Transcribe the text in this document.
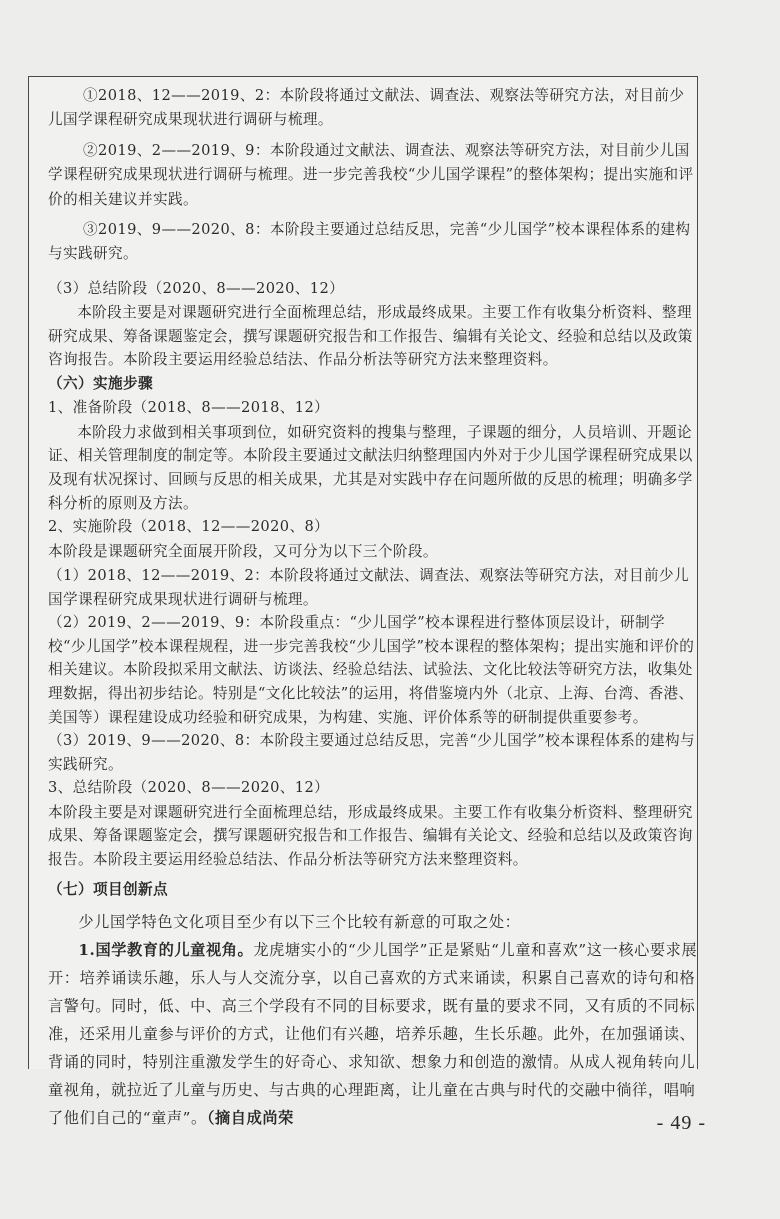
①2018、12——2019、2：本阶段将通过文献法、调查法、观察法等研究方法，对目前少儿国学课程研究成果现状进行调研与梳理。

②2019、2——2019、9：本阶段通过文献法、调查法、观察法等研究方法，对目前少儿国学课程研究成果现状进行调研与梳理。进一步完善我校“少儿国学课程”的整体架构；提出实施和评价的相关建议并实践。

③2019、9——2020、8：本阶段主要通过总结反思，完善“少儿国学”校本课程体系的建构与实践研究。

（3）总结阶段（2020、8——2020、12）

本阶段主要是对课题研究进行全面梳理总结，形成最终成果。主要工作有收集分析资料、整理研究成果、筹备课题鉴定会，撰写课题研究报告和工作报告、编辑有关论文、经验和总结以及政策咨询报告。本阶段主要运用经验总结法、作品分析法等研究方法来整理资料。

（六）实施步骤

1、准备阶段（2018、8——2018、12）

本阶段力求做到相关事项到位，如研究资料的搜集与整理，子课题的细分，人员培训、开题论证、相关管理制度的制定等。本阶段主要通过文献法归纳整理国内外对于少儿国学课程研究成果以及现有状况探讨、回顾与反思的相关成果，尤其是对实践中存在问题所做的反思的梳理；明确多学科分析的原则及方法。

2、实施阶段（2018、12——2020、8）

本阶段是课题研究全面展开阶段，又可分为以下三个阶段。

（1）2018、12——2019、2：本阶段将通过文献法、调查法、观察法等研究方法，对目前少儿国学课程研究成果现状进行调研与梳理。

（2）2019、2——2019、9：本阶段重点：“少儿国学”校本课程进行整体顶层设计，研制学校“少儿国学”校本课程规程，进一步完善我校“少儿国学”校本课程的整体架构；提出实施和评价的相关建议。本阶段拟采用文献法、访谈法、经验总结法、试验法、文化比较法等研究方法，收集处理数据，得出初步结论。特别是“文化比较法”的运用，将借鉴境内外（北京、上海、台湾、香港、美国等）课程建设成功经验和研究成果，为构建、实施、评价体系等的研制提供重要参考。

（3）2019、9——2020、8：本阶段主要通过总结反思，完善“少儿国学”校本课程体系的建构与实践研究。

3、总结阶段（2020、8——2020、12）

本阶段主要是对课题研究进行全面梳理总结，形成最终成果。主要工作有收集分析资料、整理研究成果、筹备课题鉴定会，撰写课题研究报告和工作报告、编辑有关论文、经验和总结以及政策咨询报告。本阶段主要运用经验总结法、作品分析法等研究方法来整理资料。

（七）项目创新点

少儿国学特色文化项目至少有以下三个比较有新意的可取之处：

1.国学教育的儿童视角。龙虎塘实小的“少儿国学”正是紧贴“儿童和喜欢”这一核心要求展开：培养诵读乐趣，乐人与人交流分享，以自己喜欢的方式来诵读，积累自己喜欢的诗句和格言警句。同时，低、中、高三个学段有不同的目标要求，既有量的要求不同，又有质的不同标准，还采用儿童参与评价的方式，让他们有兴趣，培养乐趣，生长乐趣。此外，在加强诵读、背诵的同时，特别注重激发学生的好奇心、求知欲、想象力和创造的激情。从成人视角转向儿童视角，就拉近了儿童与历史、与古典的心理距离，让儿童在古典与时代的交融中徜徉，唱响了他们自己的“童声”。（摘自成尚荣	- 49 -
